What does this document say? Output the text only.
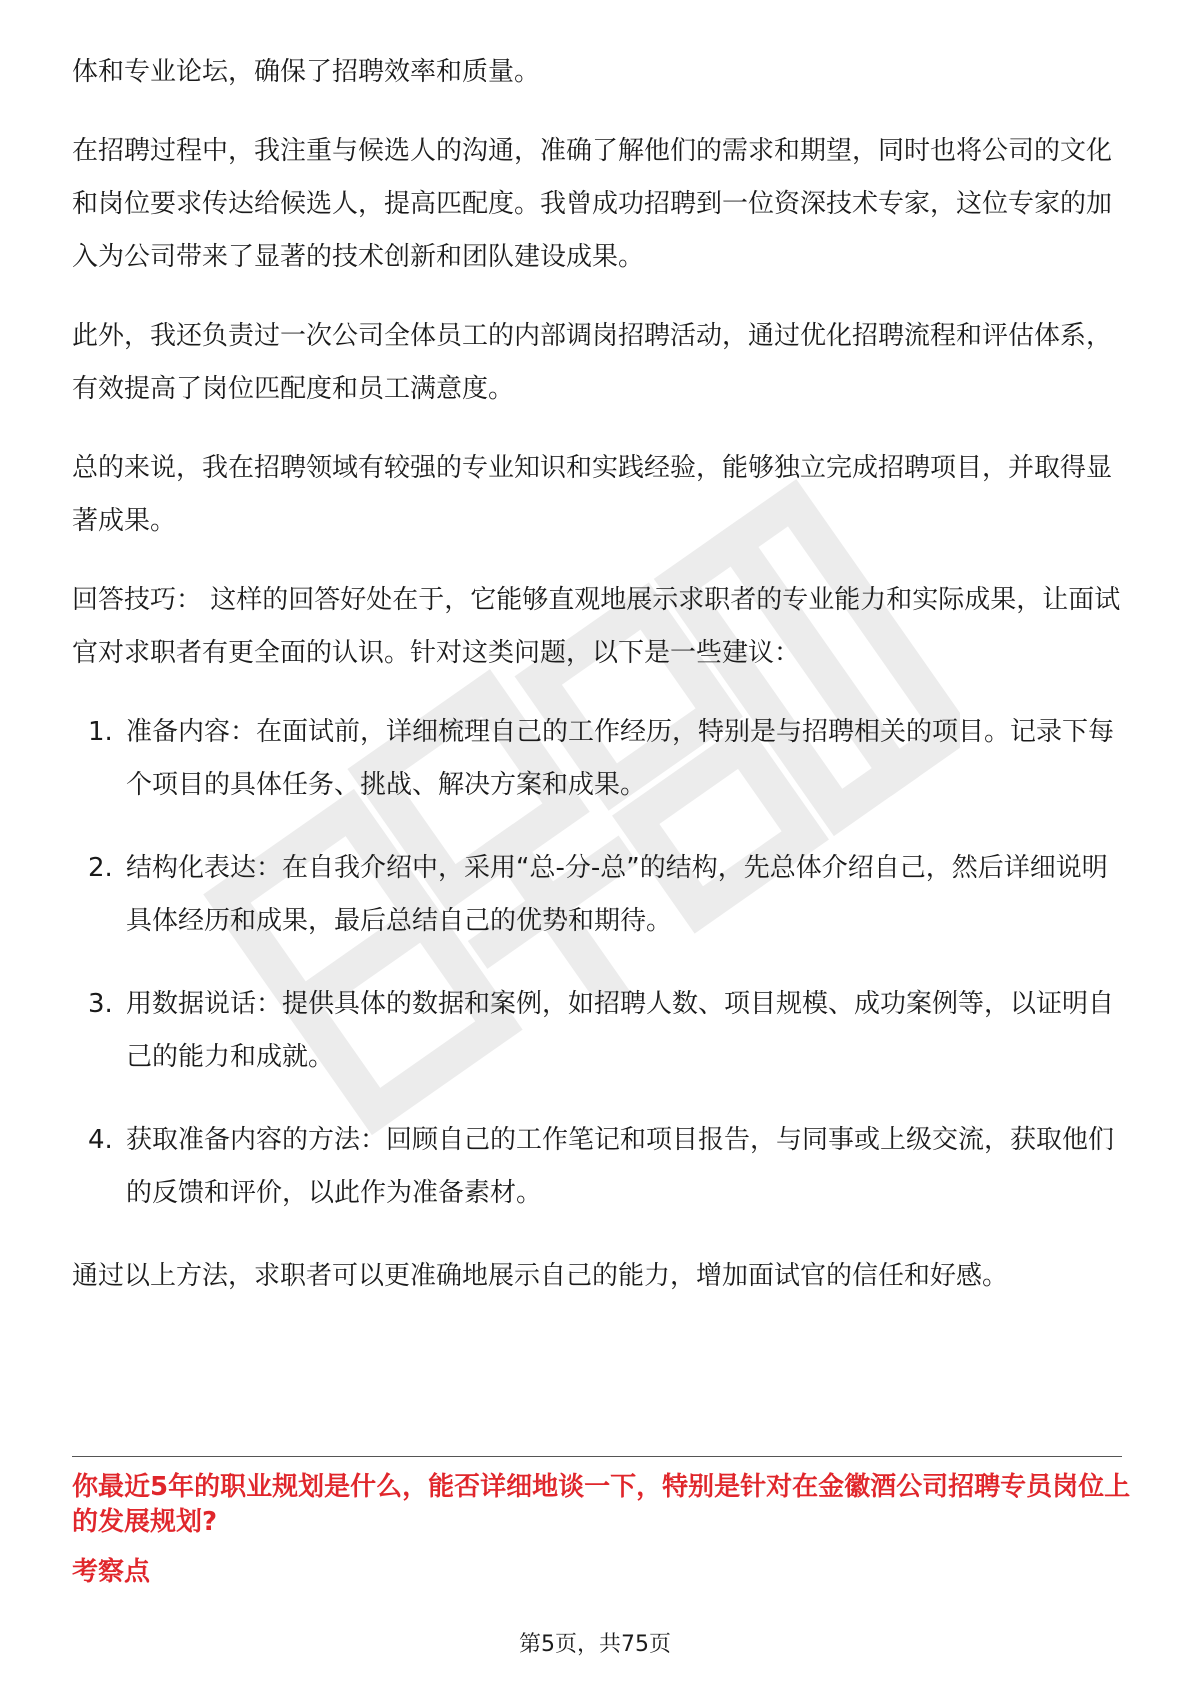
体和专业论坛，确保了招聘效率和质量。

在招聘过程中，我注重与候选人的沟通，准确了解他们的需求和期望，同时也将公司的文化和岗位要求传达给候选人，提高匹配度。我曾成功招聘到一位资深技术专家，这位专家的加入为公司带来了显著的技术创新和团队建设成果。

此外，我还负责过一次公司全体员工的内部调岗招聘活动，通过优化招聘流程和评估体系，有效提高了岗位匹配度和员工满意度。

总的来说，我在招聘领域有较强的专业知识和实践经验，能够独立完成招聘项目，并取得显著成果。

回答技巧： 这样的回答好处在于，它能够直观地展示求职者的专业能力和实际成果，让面试官对求职者有更全面的认识。针对这类问题，以下是一些建议：

1. 准备内容：在面试前，详细梳理自己的工作经历，特别是与招聘相关的项目。记录下每个项目的具体任务、挑战、解决方案和成果。
2. 结构化表达：在自我介绍中，采用“总-分-总”的结构，先总体介绍自己，然后详细说明具体经历和成果，最后总结自己的优势和期待。
3. 用数据说话：提供具体的数据和案例，如招聘人数、项目规模、成功案例等，以证明自己的能力和成就。
4. 获取准备内容的方法：回顾自己的工作笔记和项目报告，与同事或上级交流，获取他们的反馈和评价，以此作为准备素材。

通过以上方法，求职者可以更准确地展示自己的能力，增加面试官的信任和好感。

你最近5年的职业规划是什么，能否详细地谈一下，特别是针对在金徽酒公司招聘专员岗位上的发展规划?
考察点
第5页，共75页
